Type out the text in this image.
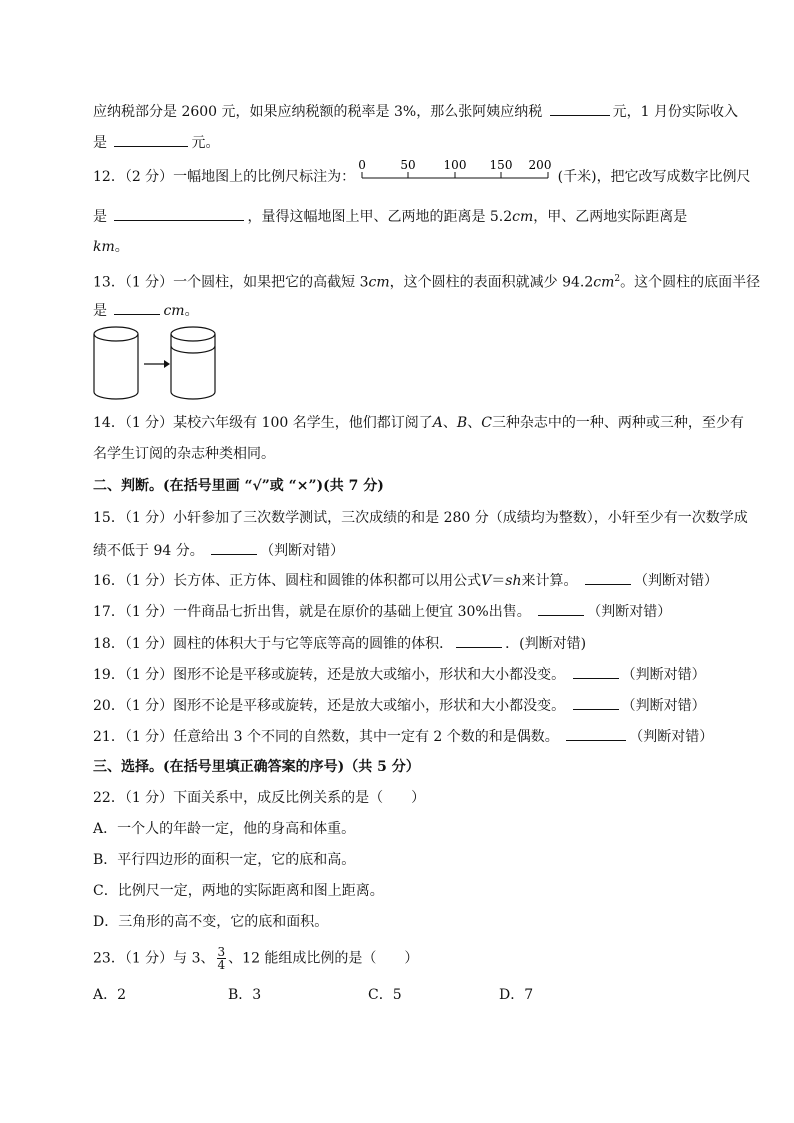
应纳税部分是 2600 元，如果应纳税额的税率是 3%，那么张阿姨应纳税	元，1 月份实际收入
是	元。
12．（2 分）一幅地图上的比例尺标注为：
0	50 100 150 200
(千米)，把它改写成数字比例尺
是	，量得这幅地图上甲、乙两地的距离是 5.2cm，甲、乙两地实际距离是
km。
13．（1 分）一个圆柱，如果把它的高截短 3cm，这个圆柱的表面积就减少 $94.2cm^2$。这个圆柱的底面半径
是	cm。
14．（1 分）某校六年级有 100 名学生，他们都订阅了A、B、C三种杂志中的一种、两种或三种，至少有
名学生订阅的杂志种类相同。
二、判断。(在括号里画 “√”或 “×”)(共 7 分)
15．（1 分）小轩参加了三次数学测试，三次成绩的和是 280 分（成绩均为整数），小轩至少有一次数学成
绩不低于 94 分。	（判断对错）
16．（1 分）长方体、正方体、圆柱和圆锥的体积都可以用公式V＝sh来计算。	（判断对错）
17．（1 分）一件商品七折出售，就是在原价的基础上便宜 30%出售。	（判断对错）
18．（1 分）圆柱的体积大于与它等底等高的圆锥的体积．	．(判断对错)
19．（1 分）图形不论是平移或旋转，还是放大或缩小，形状和大小都没变。	（判断对错）
20．（1 分）图形不论是平移或旋转，还是放大或缩小，形状和大小都没变。	（判断对错）
21．（1 分）任意给出 3 个不同的自然数，其中一定有 2 个数的和是偶数。	（判断对错）
三、选择。(在括号里填正确答案的序号)（共 5 分）
22．（1 分）下面关系中，成反比例关系的是（　　）
A．一个人的年龄一定，他的身高和体重。
B．平行四边形的面积一定，它的底和高。
C．比例尺一定，两地的实际距离和图上距离。
D．三角形的高不变，它的底和面积。
23．（1 分）与 3、 $\frac{3}{4}$ 、12 能组成比例的是（　　）
A．2	B．3	C．5	D．7
